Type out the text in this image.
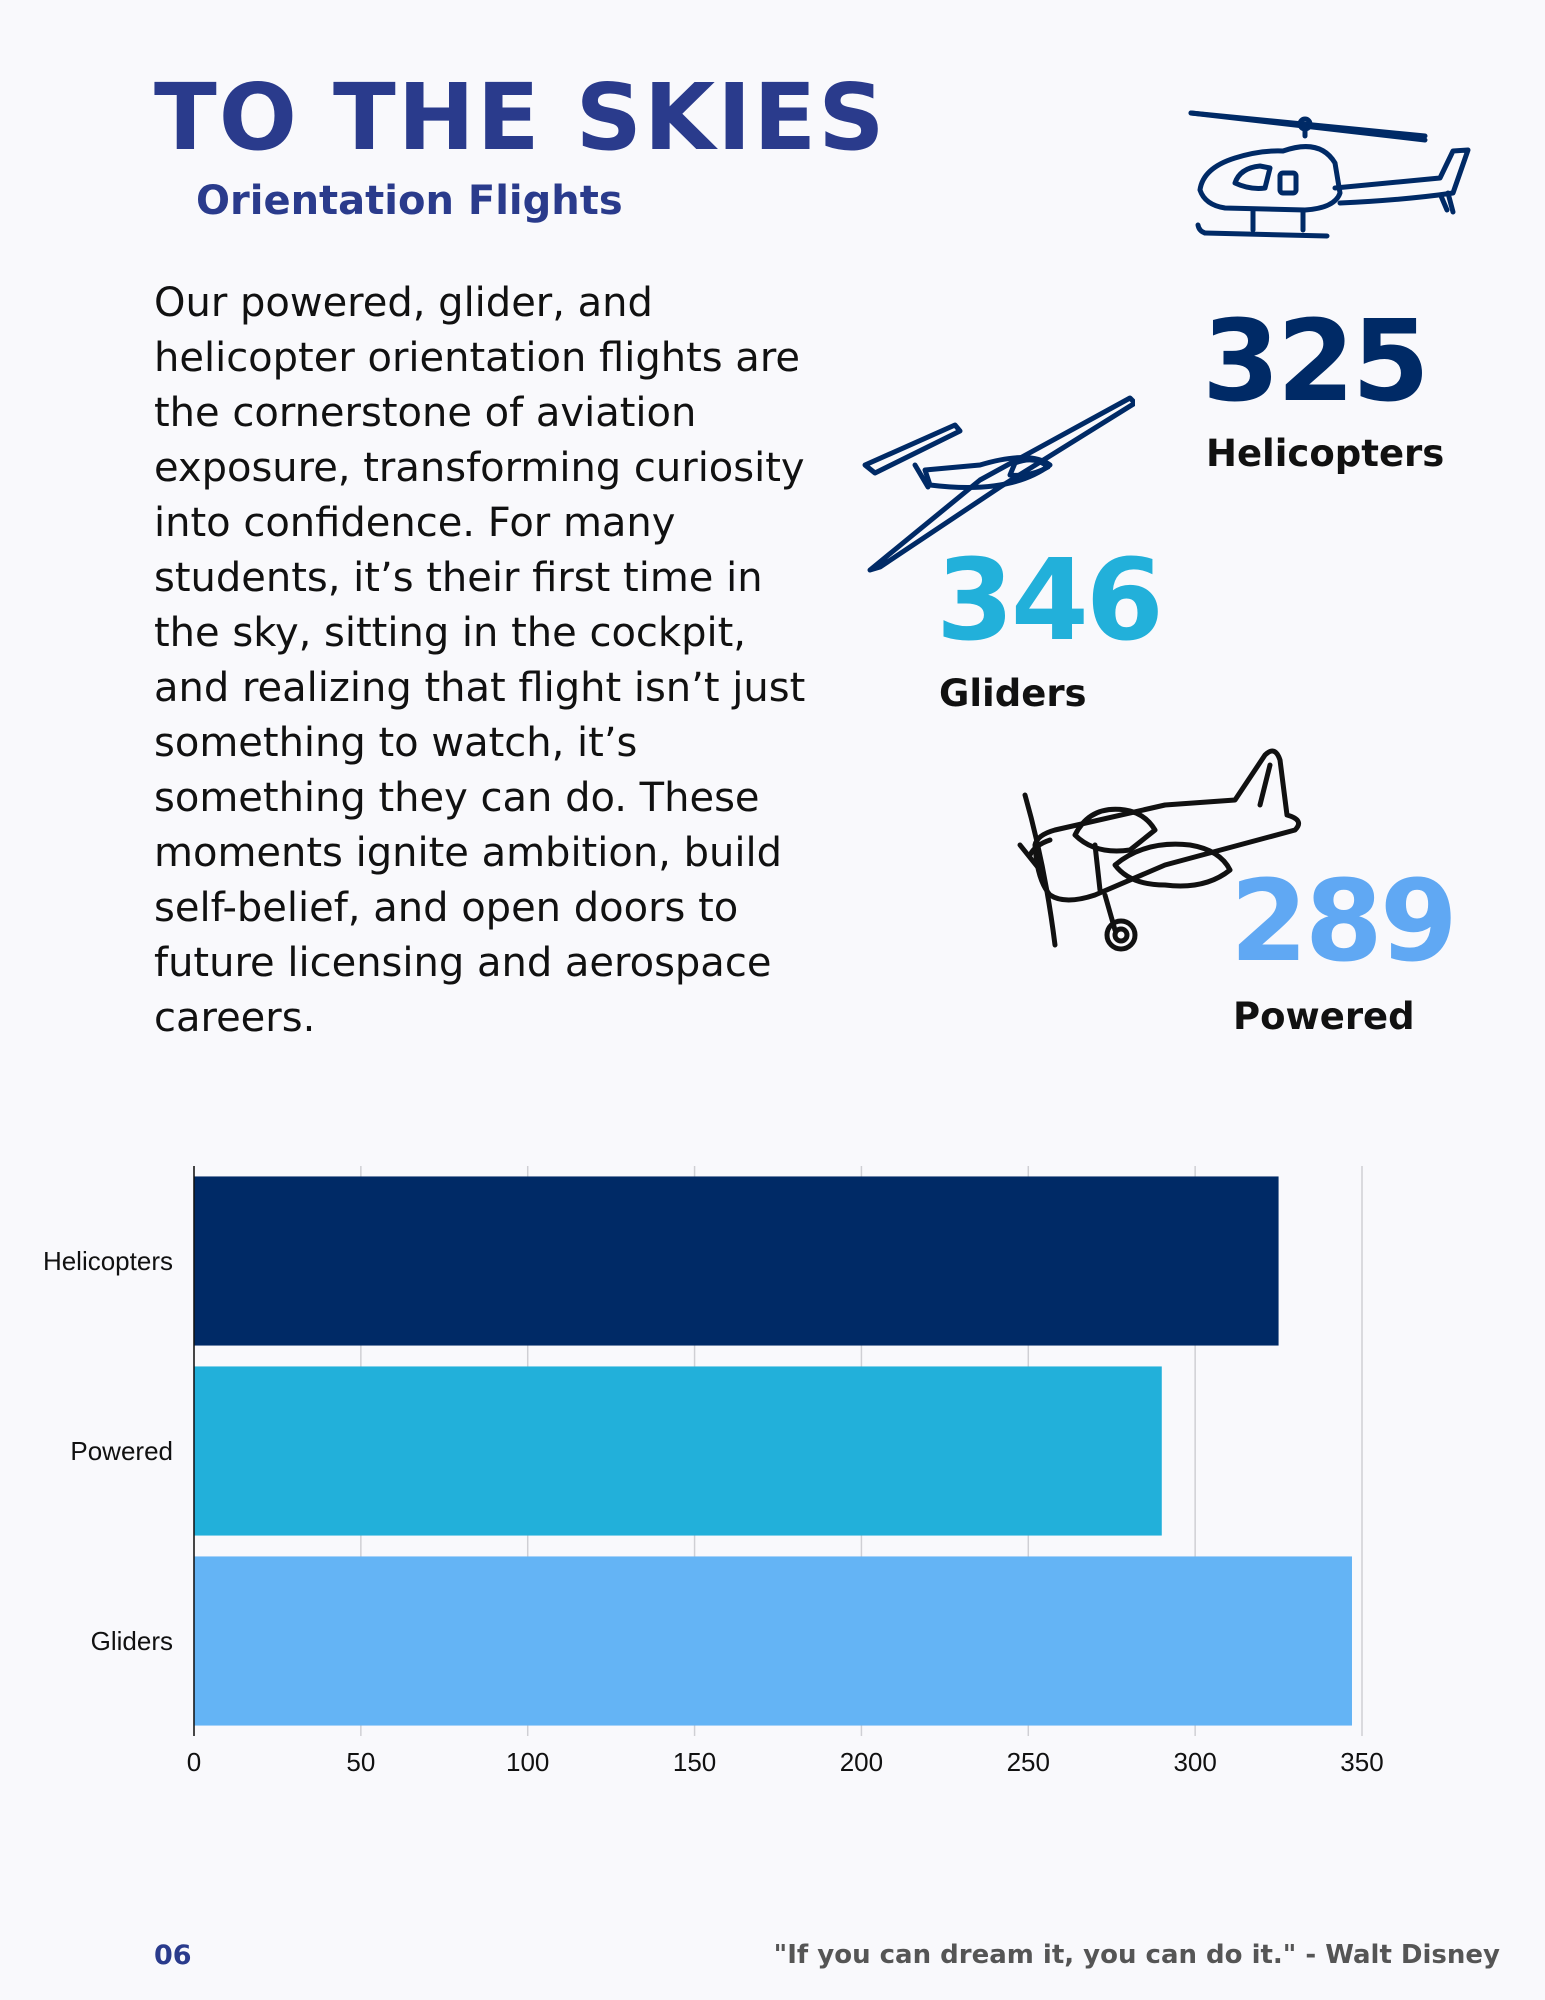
TO THE SKIES
Orientation Flights

Our powered, glider, and helicopter orientation flights are the cornerstone of aviation exposure, transforming curiosity into confidence. For many students, it’s their first time in the sky, sitting in the cockpit, and realizing that flight isn’t just something to watch, it’s something they can do. These moments ignite ambition, build self-belief, and open doors to future licensing and aerospace careers.

325
Helicopters
346
Gliders
289
Powered
Helicopters
Powered
Gliders
0	50	100	150	200	250	300	350
06	"If you can dream it, you can do it." - Walt Disney
